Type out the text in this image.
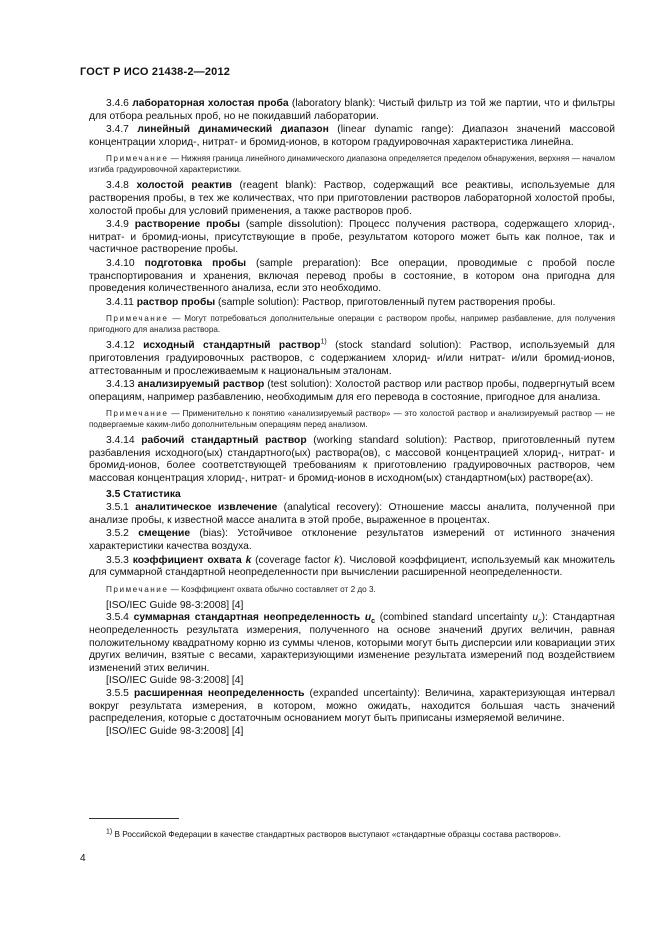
ГОСТ Р ИСО 21438-2—2012

3.4.6 лабораторная холостая проба (laboratory blank): Чистый фильтр из той же партии, что и фильтры для отбора реальных проб, но не покидавший лаборатории.

3.4.7 линейный динамический диапазон (linear dynamic range): Диапазон значений массовой концентрации хлорид-, нитрат- и бромид-ионов, в котором градуировочная характеристика линейна.

Примечание — Нижняя граница линейного динамического диапазона определяется пределом обнаружения, верхняя — началом изгиба градуировочной характеристики.

3.4.8 холостой реактив (reagent blank): Раствор, содержащий все реактивы, используемые для растворения пробы, в тех же количествах, что при приготовлении растворов лабораторной холостой пробы, холостой пробы для условий применения, а также растворов проб.

3.4.9 растворение пробы (sample dissolution): Процесс получения раствора, содержащего хлорид-, нитрат- и бромид-ионы, присутствующие в пробе, результатом которого может быть как полное, так и частичное растворение пробы.

3.4.10 подготовка пробы (sample preparation): Все операции, проводимые с пробой после транспортирования и хранения, включая перевод пробы в состояние, в котором она пригодна для проведения количественного анализа, если это необходимо.

3.4.11 раствор пробы (sample solution): Раствор, приготовленный путем растворения пробы.

Примечание — Могут потребоваться дополнительные операции с раствором пробы, например разбавление, для получения пригодного для анализа раствора.

3.4.12 исходный стандартный раствор$^{1)}$ (stock standard solution): Раствор, используемый для приготовления градуировочных растворов, с содержанием хлорид- и/или нитрат- и/или бромид-ионов, аттестованным и прослеживаемым к национальным эталонам.

3.4.13 анализируемый раствор (test solution): Холостой раствор или раствор пробы, подвергнутый всем операциям, например разбавлению, необходимым для его перевода в состояние, пригодное для анализа.

Примечание — Применительно к понятию «анализируемый раствор» — это холостой раствор и анализируемый раствор — не подвергаемые каким-либо дополнительным операциям перед анализом.

3.4.14 рабочий стандартный раствор (working standard solution): Раствор, приготовленный путем разбавления исходного(ых) стандартного(ых) раствора(ов), с массовой концентрацией хлорид-, нитрат- и бромид-ионов, более соответствующей требованиям к приготовлению градуировочных растворов, чем массовая концентрация хлорид-, нитрат- и бромид-ионов в исходном(ых) стандартном(ых) растворе(ах).

3.5 Статистика

3.5.1 аналитическое извлечение (analytical recovery): Отношение массы аналита, полученной при анализе пробы, к известной массе аналита в этой пробе, выраженное в процентах.

3.5.2 смещение (bias): Устойчивое отклонение результатов измерений от истинного значения характеристики качества воздуха.

3.5.3 коэффициент охвата k (coverage factor k). Числовой коэффициент, используемый как множитель для суммарной стандартной неопределенности при вычислении расширенной неопределенности.

Примечание — Коэффициент охвата обычно составляет от 2 до 3.

[ISO/IEC Guide 98-3:2008] [4]

3.5.4 суммарная стандартная неопределенность $u_c$ (combined standard uncertainty $u_c$): Стандартная неопределенность результата измерения, полученного на основе значений других величин, равная положительному квадратному корню из суммы членов, которыми могут быть дисперсии или ковариации этих других величин, взятые с весами, характеризующими изменение результата измерений под воздействием изменений этих величин.

[ISO/IEC Guide 98-3:2008] [4]

3.5.5 расширенная неопределенность (expanded uncertainty): Величина, характеризующая интервал вокруг результата измерения, в котором, можно ожидать, находится большая часть значений распределения, которые с достаточным основанием могут быть приписаны измеряемой величине.

[ISO/IEC Guide 98-3:2008] [4]

$^{1)}$ В Российской Федерации в качестве стандартных растворов выступают «стандартные образцы состава растворов».

4
